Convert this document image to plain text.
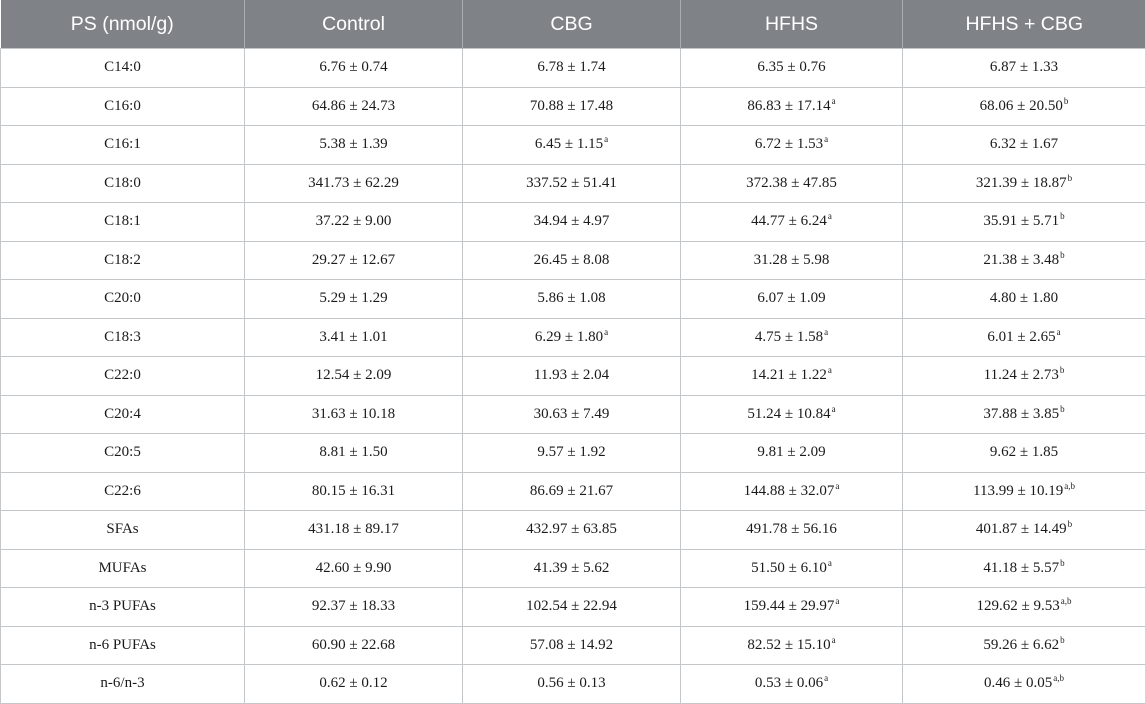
PS (nmol/g)	Control	CBG	HFHS	HFHS + CBG
C14:0	6.76 ± 0.74	6.78 ± 1.74	6.35 ± 0.76	6.87 ± 1.33
C16:0	64.86 ± 24.73	70.88 ± 17.48	86.83 ± 17.14$^a$	68.06 ± 20.50$^b$
C16:1	5.38 ± 1.39	6.45 ± 1.15$^a$	6.72 ± 1.53$^a$	6.32 ± 1.67
C18:0	341.73 ± 62.29	337.52 ± 51.41	372.38 ± 47.85	321.39 ± 18.87$^b$
C18:1	37.22 ± 9.00	34.94 ± 4.97	44.77 ± 6.24$^a$	35.91 ± 5.71$^b$
C18:2	29.27 ± 12.67	26.45 ± 8.08	31.28 ± 5.98	21.38 ± 3.48$^b$
C20:0	5.29 ± 1.29	5.86 ± 1.08	6.07 ± 1.09	4.80 ± 1.80
C18:3	3.41 ± 1.01	6.29 ± 1.80$^a$	4.75 ± 1.58$^a$	6.01 ± 2.65$^a$
C22:0	12.54 ± 2.09	11.93 ± 2.04	14.21 ± 1.22$^a$	11.24 ± 2.73$^b$
C20:4	31.63 ± 10.18	30.63 ± 7.49	51.24 ± 10.84$^a$	37.88 ± 3.85$^b$
C20:5	8.81 ± 1.50	9.57 ± 1.92	9.81 ± 2.09	9.62 ± 1.85
C22:6	80.15 ± 16.31	86.69 ± 21.67	144.88 ± 32.07$^a$	$113.99 \pm 10.19^{a,b}$
SFAs	431.18 ± 89.17	432.97 ± 63.85	491.78 ± 56.16	401.87 ± 14.49$^b$
MUFAs	42.60 ± 9.90	41.39 ± 5.62	51.50 ± 6.10$^a$	41.18 ± 5.57$^b$
n-3 PUFAs	92.37 ± 18.33	102.54 ± 22.94	159.44 ± 29.97$^a$	$129.62 \pm 9.53^{a,b}$
n-6 PUFAs	60.90 ± 22.68	57.08 ± 14.92	82.52 ± 15.10$^a$	59.26 ± 6.62$^b$
n-6/n-3	0.62 ± 0.12	0.56 ± 0.13	0.53 ± 0.06$^a$	$0.46 \pm 0.05^{a,b}$
